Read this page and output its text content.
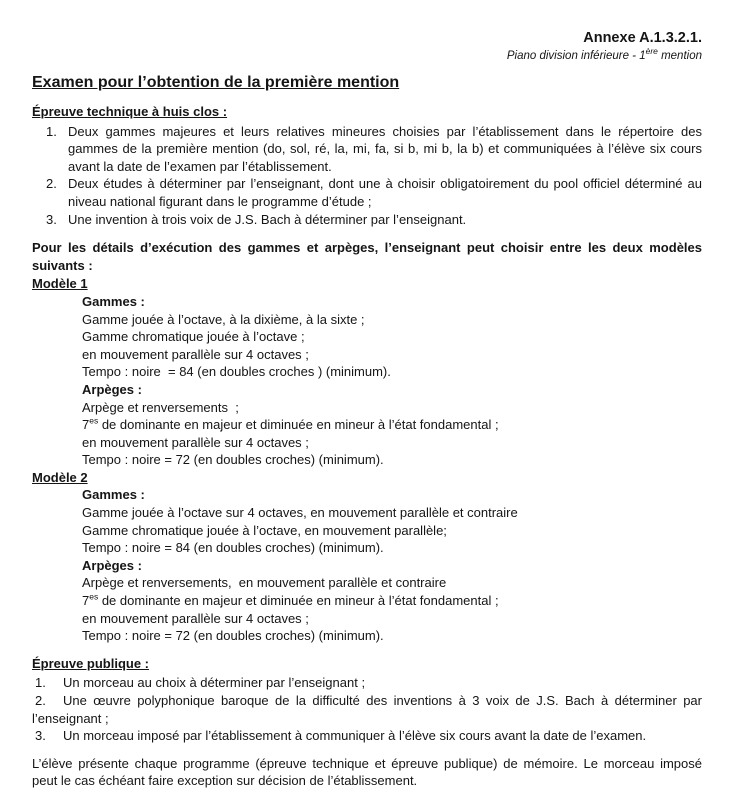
Annexe A.1.3.2.1.
Piano division inférieure - 1ère mention
Examen pour l’obtention de la première mention
Épreuve technique à huis clos :
1. Deux gammes majeures et leurs relatives mineures choisies par l’établissement dans le répertoire des gammes de la première mention (do, sol, ré, la, mi, fa, si b, mi b, la b) et communiquées à l’élève six cours avant la date de l’examen par l’établissement.
2. Deux études à déterminer par l’enseignant, dont une à choisir obligatoirement du pool officiel déterminé au niveau national figurant dans le programme d’étude ;
3. Une invention à trois voix de J.S. Bach à déterminer par l’enseignant.
Pour les détails d’exécution des gammes et arpèges, l’enseignant peut choisir entre les deux modèles suivants :
Modèle 1
Gammes :
Gamme jouée à l’octave, à la dixième, à la sixte ;
Gamme chromatique jouée à l’octave ;
en mouvement parallèle sur 4 octaves ;
Tempo : noire  = 84 (en doubles croches ) (minimum).
Arpèges :
Arpège et renversements  ;
$7^{es}$ de dominante en majeur et diminuée en mineur à l’état fondamental ;
en mouvement parallèle sur 4 octaves ;
Tempo : noire = 72 (en doubles croches) (minimum).
Modèle 2
Gammes :
Gamme jouée à l’octave sur 4 octaves, en mouvement parallèle et contraire
Gamme chromatique jouée à l’octave, en mouvement parallèle;
Tempo : noire = 84 (en doubles croches) (minimum).
Arpèges :
Arpège et renversements,  en mouvement parallèle et contraire
$7^{es}$ de dominante en majeur et diminuée en mineur à l’état fondamental ;
en mouvement parallèle sur 4 octaves ;
Tempo : noire = 72 (en doubles croches) (minimum).
Épreuve publique :
1.	Un morceau au choix à déterminer par l’enseignant ;

2. Une œuvre polyphonique baroque de la difficulté des inventions à 3 voix de J.S. Bach à déterminer par l’enseignant ;

3.	Un morceau imposé par l’établissement à communiquer à l’élève six cours avant la date de l’examen.
L’élève présente chaque programme (épreuve technique et épreuve publique) de mémoire. Le morceau imposé peut le cas échéant faire exception sur décision de l’établissement.
